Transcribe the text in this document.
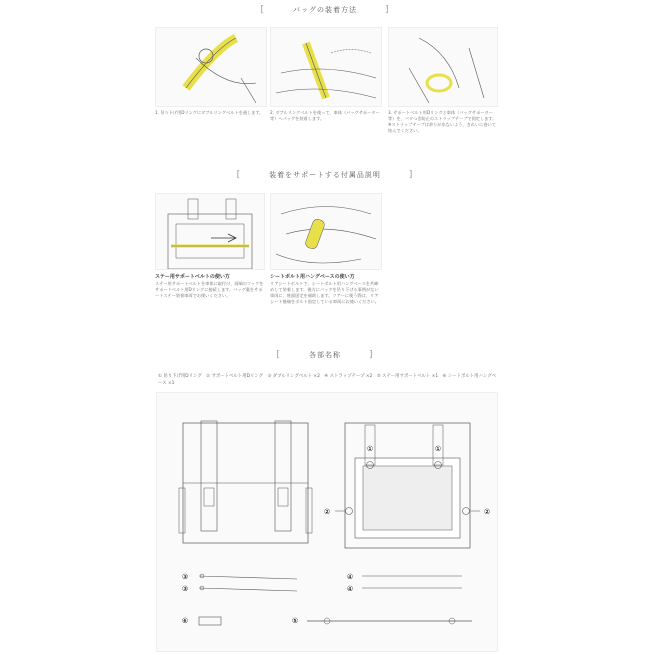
[	バッグの装着方法	]
1. 吊り下げ用Dリングにダブルリングベルトを通します。	2. ダブルリングベルトを使って、車体（バッグサポーター等）へバッグを装着します。
3. サポートベルト用Dリングと車体（バッグサポーター等）を、バタつき防止のストラップテープで固定します。※ストラップテープは余りが出ないよう、きれいに巻いて結んでください。
[	装着をサポートする付属品説明	]
ステー用サポートベルトの使い方
ステー用サポートベルトを車体に取付け、両端のフックをサポートベルト用Dリングに接続します。バッグ裏をサポートステー装着車両でお使いください。
シートボルト用ハングベースの使い方
リアシートボルトで、シートボルト用ハングベースを共締めして装着します。後方にバッグを吊り下げる事例がない車両に、座面固定を補助します。ツアーに使う際は、リアシート後端をボルト固定している車両にお使いください。
[	各部名称	]
① 吊り下げ用Dリング　② サポートベルト用Dリング　③ ダブルリングベルト ×2　④ ストラップテープ ×2　⑤ ステー用サポートベルト ×1　⑥ シートボルト用ハングベース ×1
①	①
②	②
③
③
④
④
⑥	⑤
